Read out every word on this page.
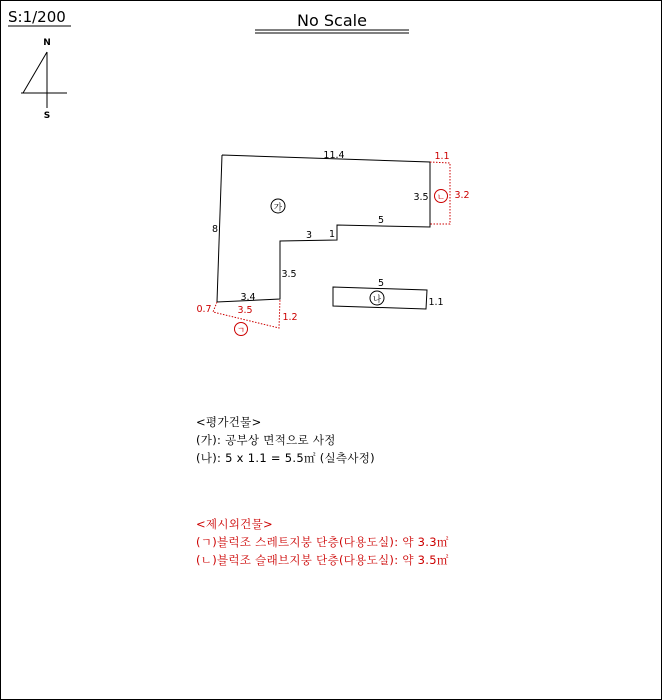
S:1/200	No Scale
N
S
11.4
8
3.5
5
1
3
3.5
3.4
가
5
1.1
나
0.7	3.5
1.2
ㄱ
1.1
3.2
ㄴ
<평가건물>
(가): 공부상 면적으로 사정
(나): 5 x 1.1 = 5.5㎡ (실측사정)
<제시외건물>
(ㄱ)블럭조 스레트지붕 단층(다용도실): 약 3.3㎡
(ㄴ)블럭조 슬래브지붕 단층(다용도실): 약 3.5㎡
